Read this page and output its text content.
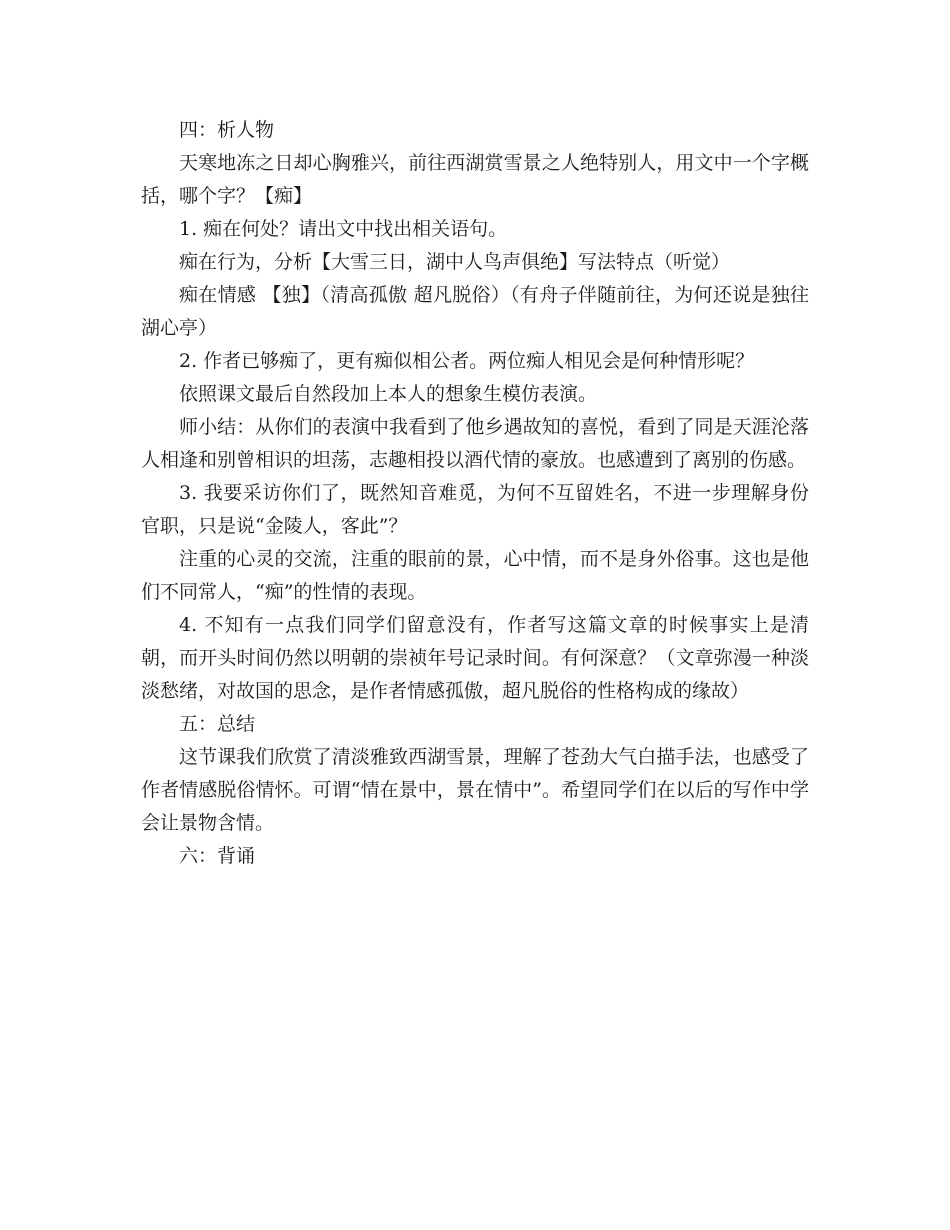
四：析人物

天寒地冻之日却心胸雅兴，前往西湖赏雪景之人绝特别人，用文中一个字概括，哪个字？【痴】

1. 痴在何处？请出文中找出相关语句。

痴在行为，分析【大雪三日，湖中人鸟声俱绝】写法特点（听觉）

痴在情感 【独】（清高孤傲 超凡脱俗）（有舟子伴随前往，为何还说是独往湖心亭）

2. 作者已够痴了，更有痴似相公者。两位痴人相见会是何种情形呢？

依照课文最后自然段加上本人的想象生模仿表演。

师小结：从你们的表演中我看到了他乡遇故知的喜悦，看到了同是天涯沦落人相逢和别曾相识的坦荡，志趣相投以酒代情的豪放。也感遭到了离别的伤感。

3. 我要采访你们了，既然知音难觅，为何不互留姓名，不进一步理解身份官职，只是说“金陵人，客此”？

注重的心灵的交流，注重的眼前的景，心中情，而不是身外俗事。这也是他们不同常人，“痴”的性情的表现。

4. 不知有一点我们同学们留意没有，作者写这篇文章的时候事实上是清朝，而开头时间仍然以明朝的崇祯年号记录时间。有何深意？（文章弥漫一种淡淡愁绪，对故国的思念，是作者情感孤傲，超凡脱俗的性格构成的缘故）

五：总结

这节课我们欣赏了清淡雅致西湖雪景，理解了苍劲大气白描手法，也感受了作者情感脱俗情怀。可谓“情在景中，景在情中”。希望同学们在以后的写作中学会让景物含情。

六：背诵
